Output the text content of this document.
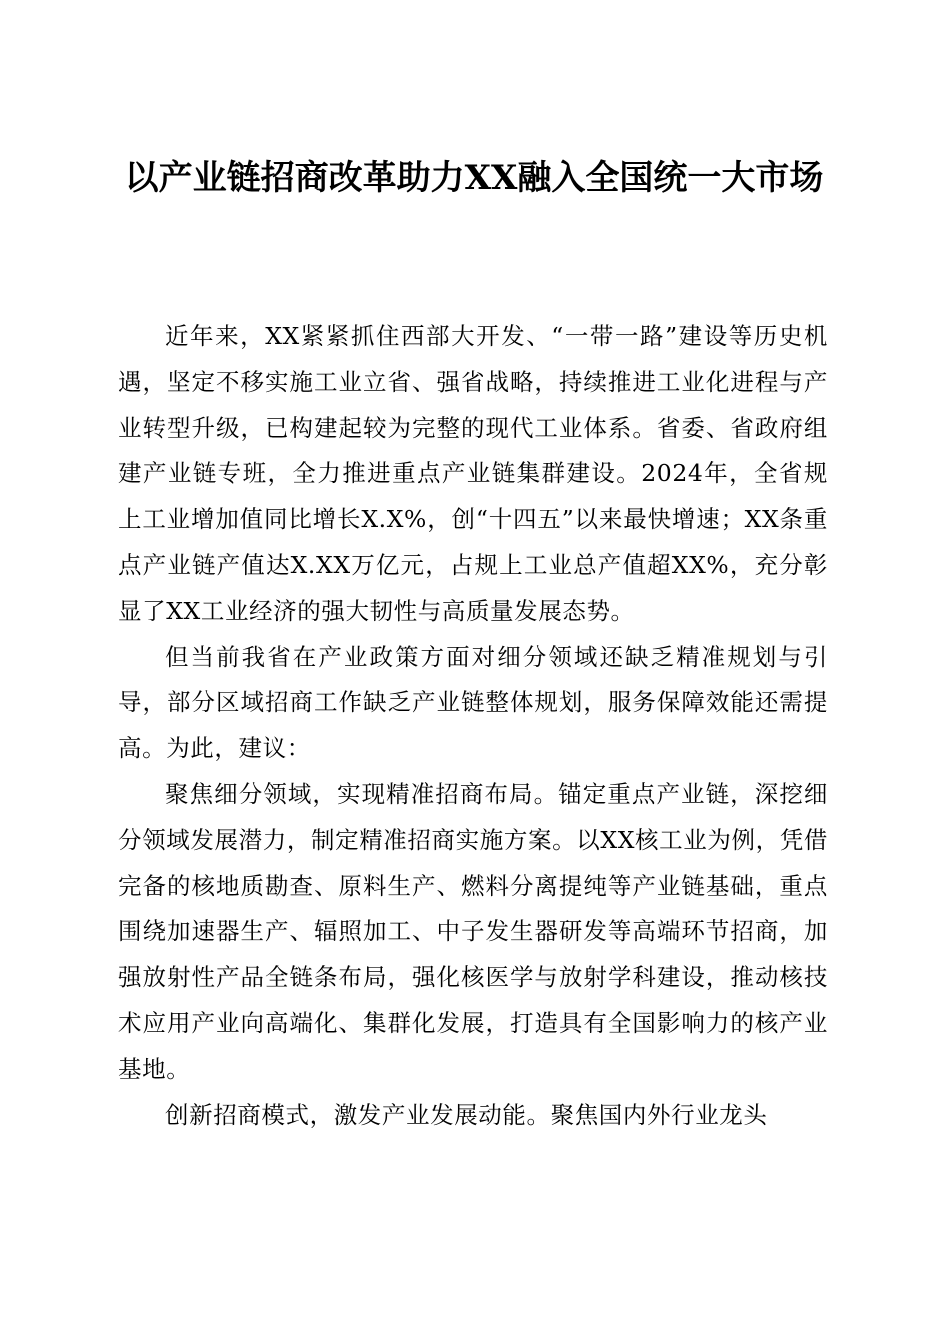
以产业链招商改革助力XX融入全国统一大市场

近年来，XX紧紧抓住西部大开发、“一带一路”建设等历史机遇，坚定不移实施工业立省、强省战略，持续推进工业化进程与产业转型升级，已构建起较为完整的现代工业体系。省委、省政府组建产业链专班，全力推进重点产业链集群建设。2024年，全省规上工业增加值同比增长X.X%，创“十四五”以来最快增速；XX条重点产业链产值达X.XX万亿元，占规上工业总产值超XX%，充分彰显了XX工业经济的强大韧性与高质量发展态势。

但当前我省在产业政策方面对细分领域还缺乏精准规划与引导，部分区域招商工作缺乏产业链整体规划，服务保障效能还需提高。为此，建议：

聚焦细分领域，实现精准招商布局。锚定重点产业链，深挖细分领域发展潜力，制定精准招商实施方案。以XX核工业为例，凭借完备的核地质勘查、原料生产、燃料分离提纯等产业链基础，重点围绕加速器生产、辐照加工、中子发生器研发等高端环节招商，加强放射性产品全链条布局，强化核医学与放射学科建设，推动核技术应用产业向高端化、集群化发展，打造具有全国影响力的核产业基地。

创新招商模式，激发产业发展动能。聚焦国内外行业龙头
